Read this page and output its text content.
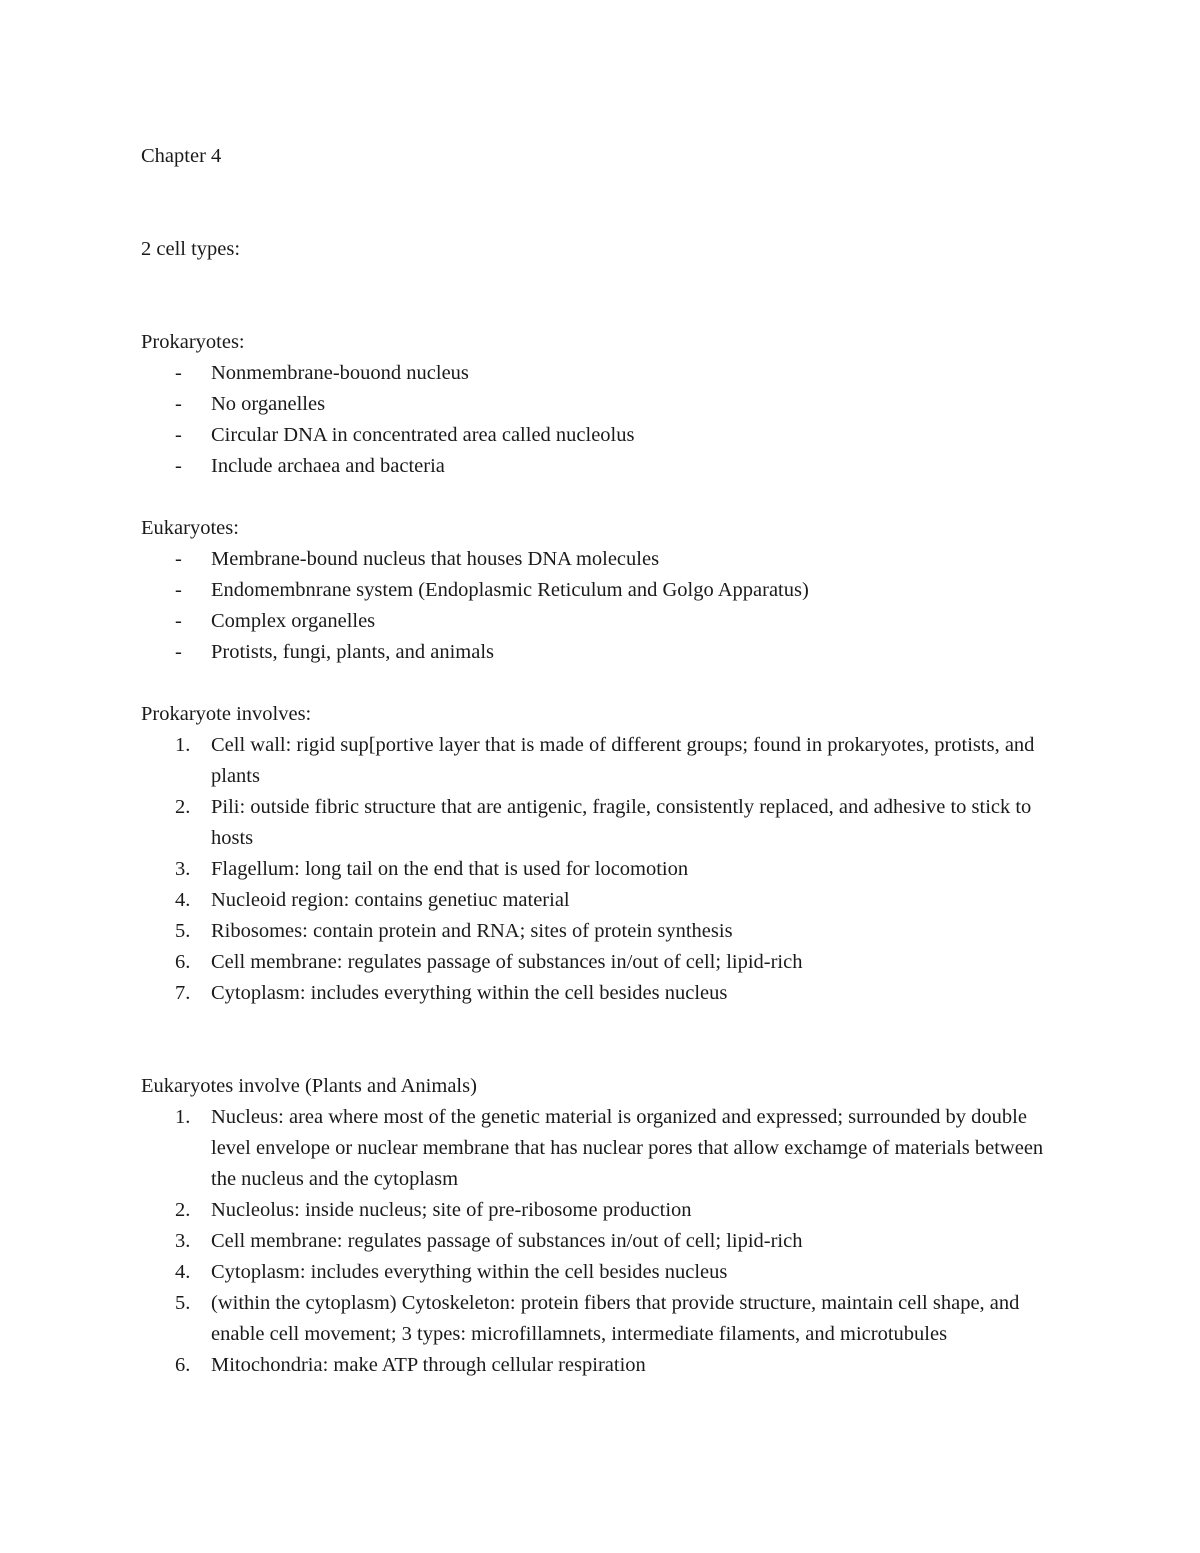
Chapter 4

2 cell types:

Prokaryotes:

- Nonmembrane-bouond nucleus
- No organelles
- Circular DNA in concentrated area called nucleolus
- Include archaea and bacteria

Eukaryotes:

- Membrane-bound nucleus that houses DNA molecules
- Endomembnrane system (Endoplasmic Reticulum and Golgo Apparatus)
- Complex organelles
- Protists, fungi, plants, and animals

Prokaryote involves:

1. Cell wall: rigid sup[portive layer that is made of different groups; found in prokaryotes, protists, and plants
2. Pili: outside fibric structure that are antigenic, fragile, consistently replaced, and adhesive to stick to hosts
3. Flagellum: long tail on the end that is used for locomotion
4. Nucleoid region: contains genetiuc material
5. Ribosomes: contain protein and RNA; sites of protein synthesis
6. Cell membrane: regulates passage of substances in/out of cell; lipid-rich
7. Cytoplasm: includes everything within the cell besides nucleus

Eukaryotes involve (Plants and Animals)

1. Nucleus: area where most of the genetic material is organized and expressed; surrounded by double level envelope or nuclear membrane that has nuclear pores that allow exchamge of materials between the nucleus and the cytoplasm
2. Nucleolus: inside nucleus; site of pre-ribosome production
3. Cell membrane: regulates passage of substances in/out of cell; lipid-rich
4. Cytoplasm: includes everything within the cell besides nucleus
5. (within the cytoplasm) Cytoskeleton: protein fibers that provide structure, maintain cell shape, and enable cell movement; 3 types: microfillamnets, intermediate filaments, and microtubules
6. Mitochondria: make ATP through cellular respiration
